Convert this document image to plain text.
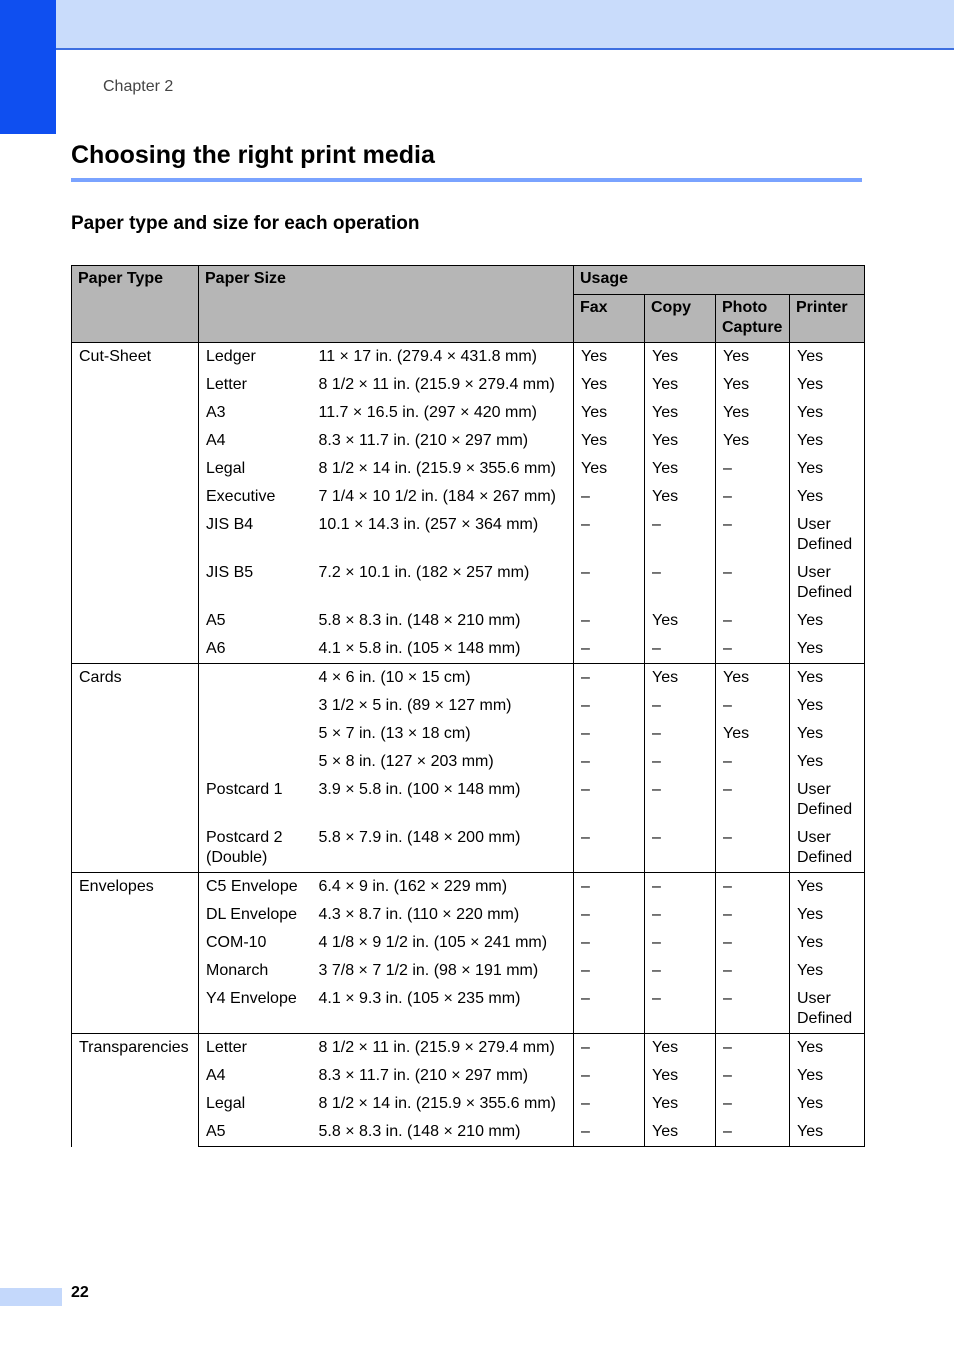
Chapter 2
Choosing the right print media
Paper type and size for each operation
Paper Type	Paper Size		Usage			
			Fax	Copy	Photo Capture	Printer
Cut-Sheet	Ledger	11 × 17 in. (279.4 × 431.8 mm)	Yes	Yes	Yes	Yes
	Letter	8 1/2 × 11 in. (215.9 × 279.4 mm)	Yes	Yes	Yes	Yes
	A3	11.7 × 16.5 in. (297 × 420 mm)	Yes	Yes	Yes	Yes
	A4	8.3 × 11.7 in. (210 × 297 mm)	Yes	Yes	Yes	Yes
	Legal	8 1/2 × 14 in. (215.9 × 355.6 mm)	Yes	Yes	–	Yes
	Executive	7 1/4 × 10 1/2 in. (184 × 267 mm)	–	Yes	–	Yes
	JIS B4	10.1 × 14.3 in. (257 × 364 mm)	–	–	–	User Defined
	JIS B5	7.2 × 10.1 in. (182 × 257 mm)	–	–	–	User Defined
	A5	5.8 × 8.3 in. (148 × 210 mm)	–	Yes	–	Yes
	A6	4.1 × 5.8 in. (105 × 148 mm)	–	–	–	Yes
Cards		4 × 6 in. (10 × 15 cm)	–	Yes	Yes	Yes
		3 1/2 × 5 in. (89 × 127 mm)	–	–	–	Yes
		5 × 7 in. (13 × 18 cm)	–	–	Yes	Yes
		5 × 8 in. (127 × 203 mm)	–	–	–	Yes
	Postcard 1	3.9 × 5.8 in. (100 × 148 mm)	–	–	–	User Defined
	Postcard 2 (Double)	5.8 × 7.9 in. (148 × 200 mm)	–	–	–	User Defined
Envelopes	C5 Envelope	6.4 × 9 in. (162 × 229 mm)	–	–	–	Yes
	DL Envelope	4.3 × 8.7 in. (110 × 220 mm)	–	–	–	Yes
	COM-10	4 1/8 × 9 1/2 in. (105 × 241 mm)	–	–	–	Yes
	Monarch	3 7/8 × 7 1/2 in. (98 × 191 mm)	–	–	–	Yes
	Y4 Envelope	4.1 × 9.3 in. (105 × 235 mm)	–	–	–	User Defined
Transparencies	Letter	8 1/2 × 11 in. (215.9 × 279.4 mm)	–	Yes	–	Yes
	A4	8.3 × 11.7 in. (210 × 297 mm)	–	Yes	–	Yes
	Legal	8 1/2 × 14 in. (215.9 × 355.6 mm)	–	Yes	–	Yes
	A5	5.8 × 8.3 in. (148 × 210 mm)	–	Yes	–	Yes
22
